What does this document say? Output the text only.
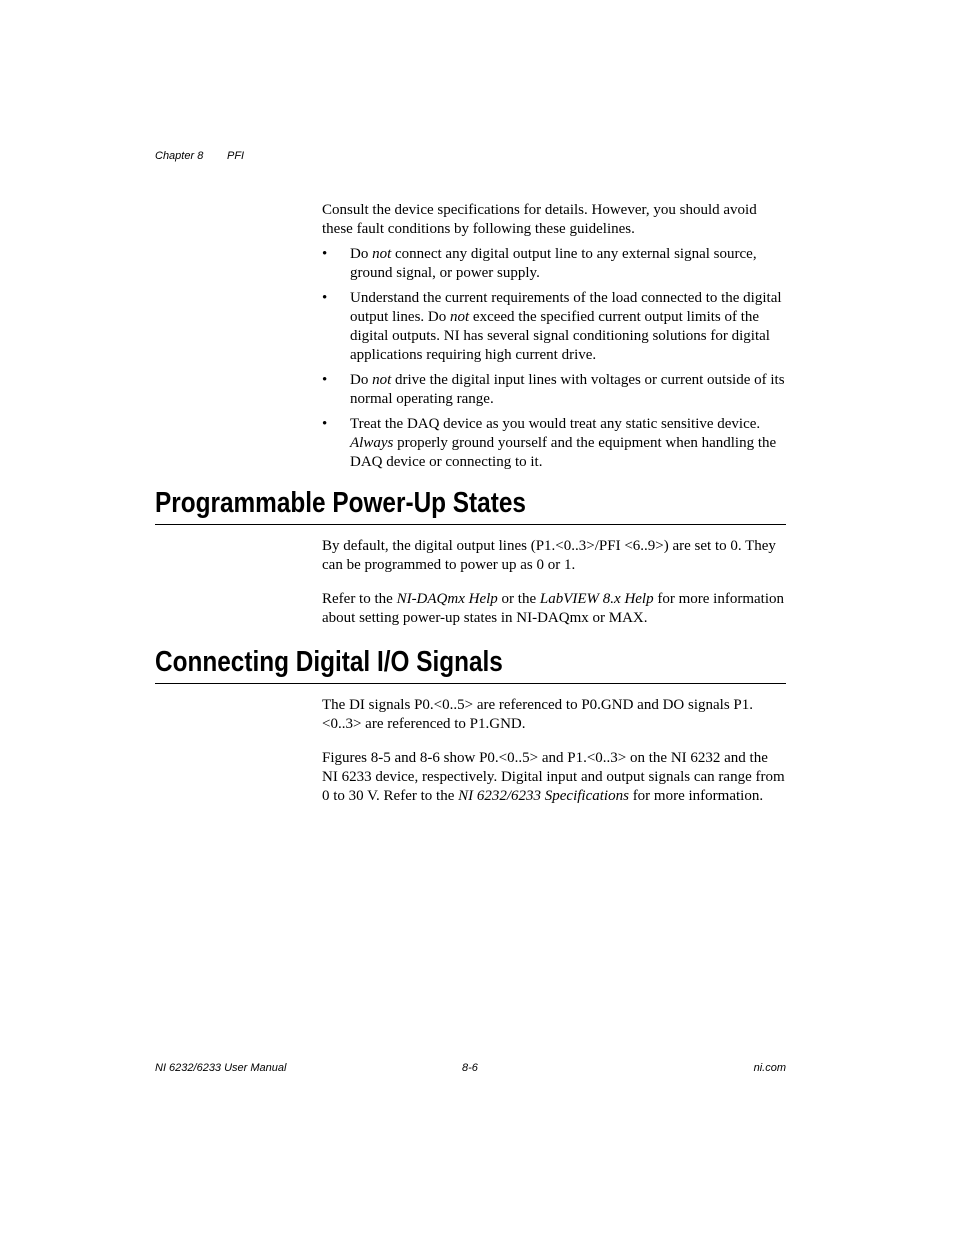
Chapter 8 PFI

Consult the device specifications for details. However, you should avoid these fault conditions by following these guidelines.

• Do not connect any digital output line to any external signal source, ground signal, or power supply.
• Understand the current requirements of the load connected to the digital output lines. Do not exceed the specified current output limits of the digital outputs. NI has several signal conditioning solutions for digital applications requiring high current drive.
• Do not drive the digital input lines with voltages or current outside of its normal operating range.
• Treat the DAQ device as you would treat any static sensitive device. Always properly ground yourself and the equipment when handling the DAQ device or connecting to it.
Programmable Power-Up States

By default, the digital output lines (P1.<0..3>/PFI <6..9>) are set to 0. They can be programmed to power up as 0 or 1.

Refer to the NI-DAQmx Help or the LabVIEW 8.x Help for more information about setting power-up states in NI-DAQmx or MAX.

Connecting Digital I/O Signals

The DI signals P0.<0..5> are referenced to P0.GND and DO signals P1.<0..3> are referenced to P1.GND.

Figures 8-5 and 8-6 show P0.<0..5> and P1.<0..3> on the NI 6232 and the NI 6233 device, respectively. Digital input and output signals can range from 0 to 30 V. Refer to the NI 6232/6233 Specifications for more information.

NI 6232/6233 User Manual	8-6	ni.com
